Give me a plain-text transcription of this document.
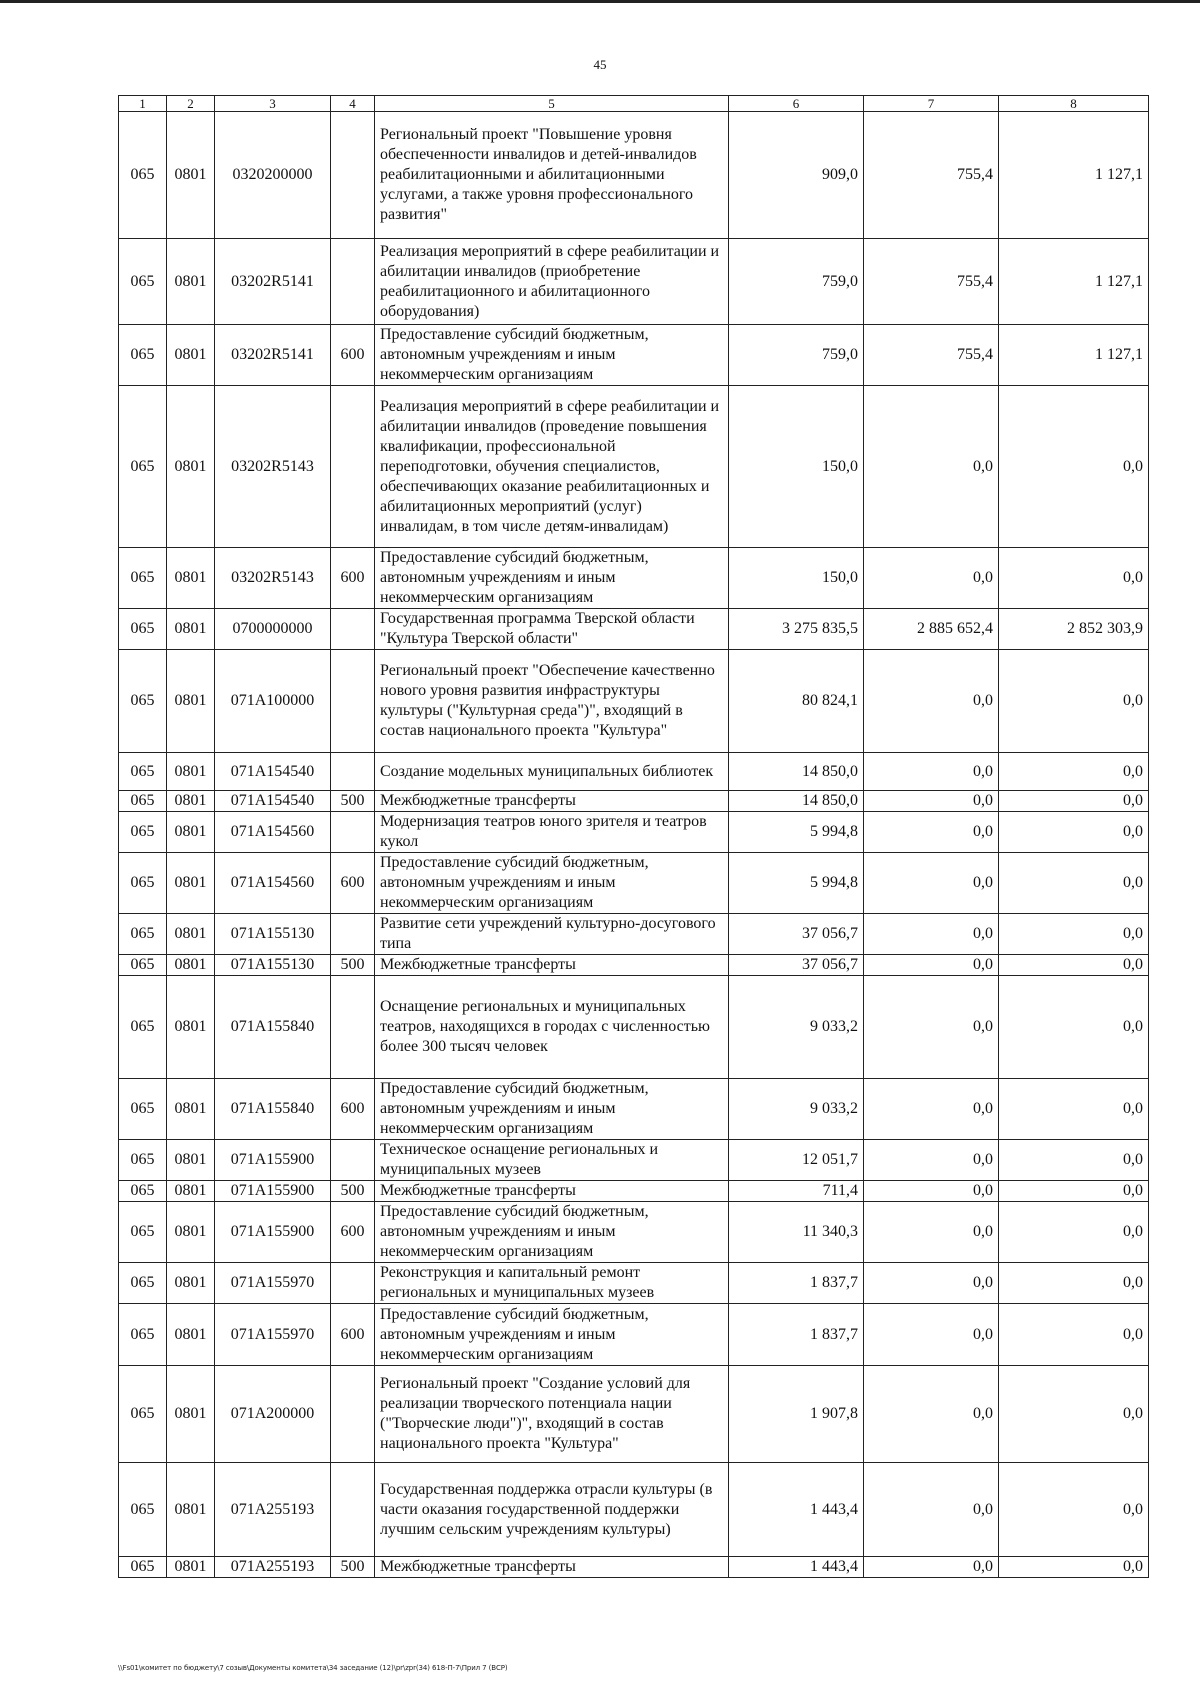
45
1	2	3	4	5	6	7	8
065	0801	0320200000		Региональный проект "Повышение уровня обеспеченности инвалидов и детей-инвалидов реабилитационными и абилитационными услугами, а также уровня профессионального развития"	909,0	755,4	1 127,1
065	0801	03202R5141		Реализация мероприятий в сфере реабилитации и абилитации инвалидов (приобретение реабилитационного и абилитационного оборудования)	759,0	755,4	1 127,1
065	0801	03202R5141	600	Предоставление субсидий бюджетным, автономным учреждениям и иным некоммерческим организациям	759,0	755,4	1 127,1
065	0801	03202R5143		Реализация мероприятий в сфере реабилитации и абилитации инвалидов (проведение повышения квалификации, профессиональной переподготовки, обучения специалистов, обеспечивающих оказание реабилитационных и абилитационных мероприятий (услуг) инвалидам, в том числе детям-инвалидам)	150,0	0,0	0,0
065	0801	03202R5143	600	Предоставление субсидий бюджетным, автономным учреждениям и иным некоммерческим организациям	150,0	0,0	0,0
065	0801	0700000000		Государственная программа Тверской области "Культура Тверской области"	3 275 835,5	2 885 652,4	2 852 303,9
065	0801	071A100000		Региональный проект "Обеспечение качественно нового уровня развития инфраструктуры культуры ("Культурная среда")", входящий в состав национального проекта "Культура"	80 824,1	0,0	0,0
065	0801	071A154540		Создание модельных муниципальных библиотек	14 850,0	0,0	0,0
065	0801	071A154540	500	Межбюджетные трансферты	14 850,0	0,0	0,0
065	0801	071A154560		Модернизация театров юного зрителя и театров кукол	5 994,8	0,0	0,0
065	0801	071A154560	600	Предоставление субсидий бюджетным, автономным учреждениям и иным некоммерческим организациям	5 994,8	0,0	0,0
065	0801	071A155130		Развитие сети учреждений культурно-досугового типа	37 056,7	0,0	0,0
065	0801	071A155130	500	Межбюджетные трансферты	37 056,7	0,0	0,0
065	0801	071A155840		Оснащение региональных и муниципальных театров, находящихся в городах с численностью более 300 тысяч человек	9 033,2	0,0	0,0
065	0801	071A155840	600	Предоставление субсидий бюджетным, автономным учреждениям и иным некоммерческим организациям	9 033,2	0,0	0,0
065	0801	071A155900		Техническое оснащение региональных и муниципальных музеев	12 051,7	0,0	0,0
065	0801	071A155900	500	Межбюджетные трансферты	711,4	0,0	0,0
065	0801	071A155900	600	Предоставление субсидий бюджетным, автономным учреждениям и иным некоммерческим организациям	11 340,3	0,0	0,0
065	0801	071A155970		Реконструкция и капитальный ремонт региональных и муниципальных музеев	1 837,7	0,0	0,0
065	0801	071A155970	600	Предоставление субсидий бюджетным, автономным учреждениям и иным некоммерческим организациям	1 837,7	0,0	0,0
065	0801	071A200000		Региональный проект "Создание условий для реализации творческого потенциала нации ("Творческие люди")", входящий в состав национального проекта "Культура"	1 907,8	0,0	0,0
065	0801	071A255193		Государственная поддержка отрасли культуры (в части оказания государственной поддержки лучшим сельским учреждениям культуры)	1 443,4	0,0	0,0
065	0801	071A255193	500	Межбюджетные трансферты	1 443,4	0,0	0,0
\\Fs01\комитет по бюджету\7 созыв\Документы комитета\34 заседание (12)\pr\zpr(34) 618-П-7\Прил 7 (ВСР)
